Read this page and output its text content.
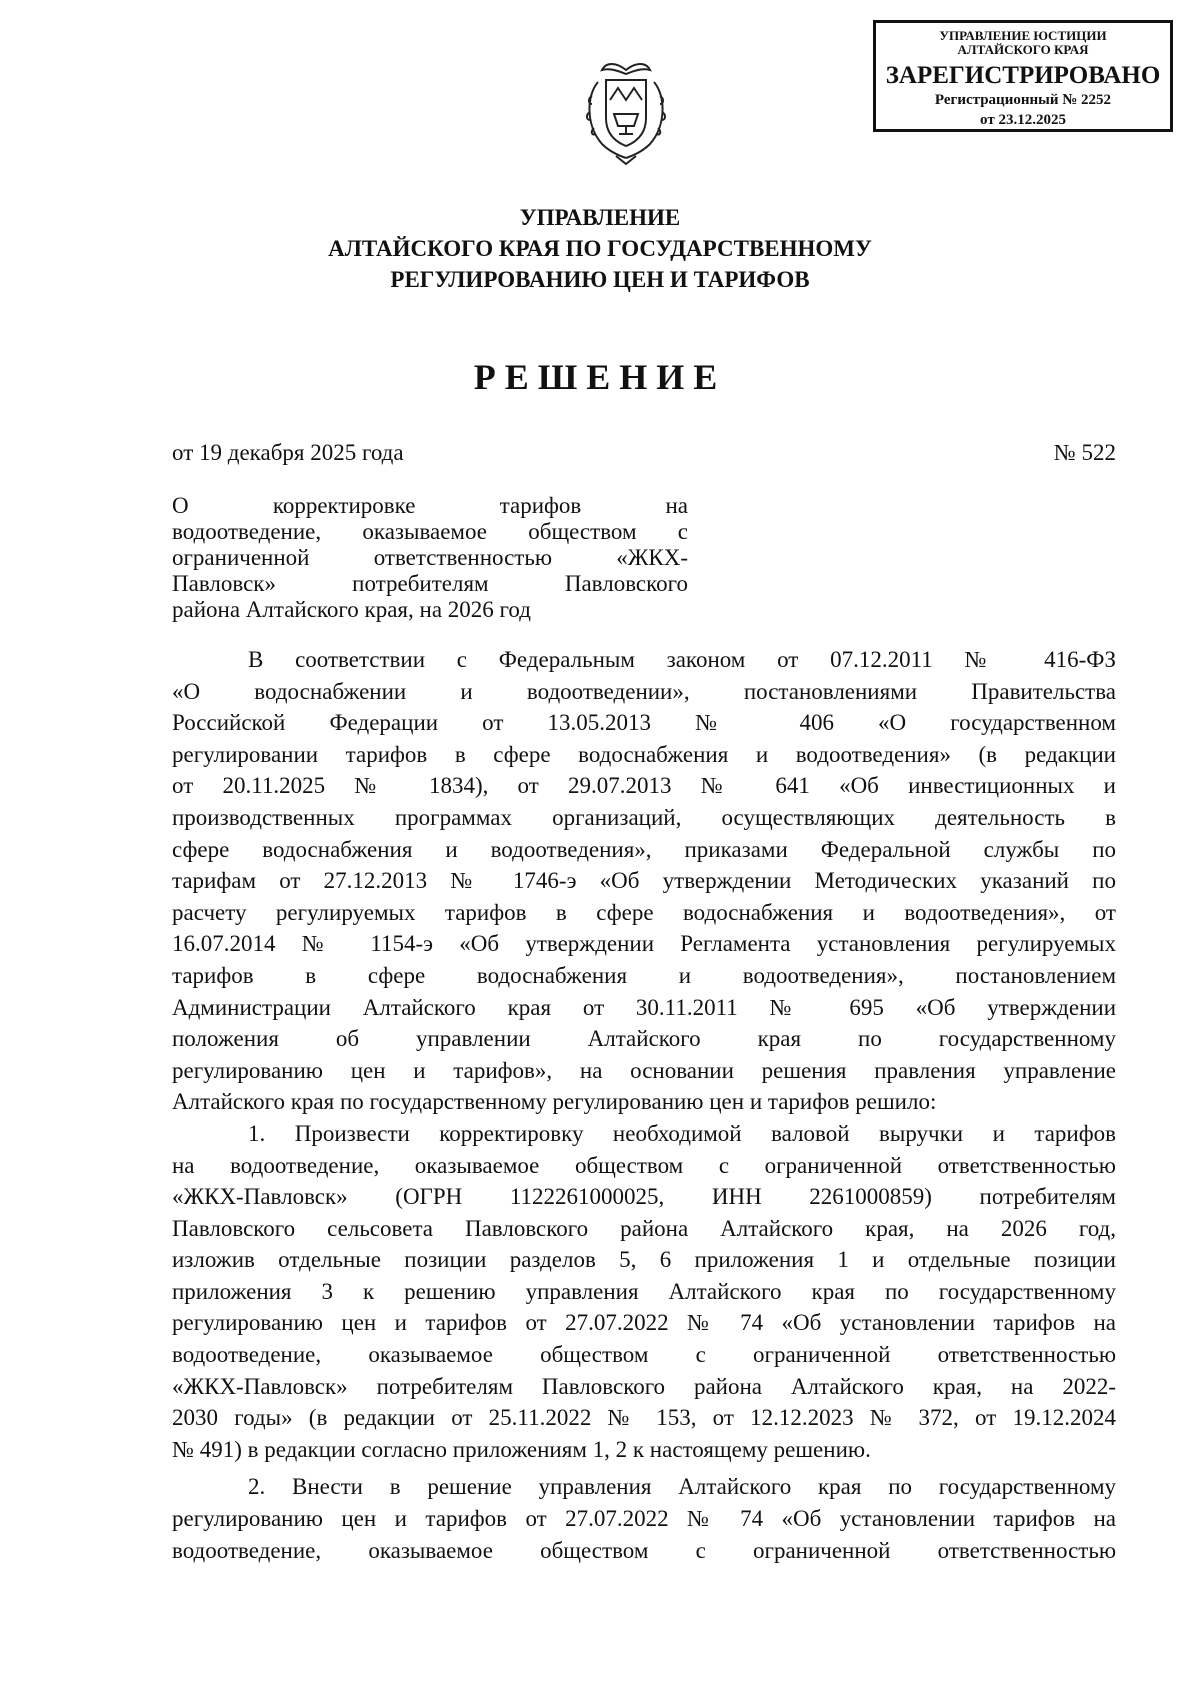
УПРАВЛЕНИЕ ЮСТИЦИИ
АЛТАЙСКОГО КРАЯ
ЗАРЕГИСТРИРОВАНО
Регистрационный № 2252
от 23.12.2025
УПРАВЛЕНИЕ
АЛТАЙСКОГО КРАЯ ПО ГОСУДАРСТВЕННОМУ
РЕГУЛИРОВАНИЮ ЦЕН И ТАРИФОВ
РЕШЕНИЕ
от 19 декабря 2025 года	№ 522
О корректировке тарифов на
водоотведение, оказываемое обществом с
ограниченной ответственностью «ЖКХ-
Павловск» потребителям Павловского
района Алтайского края, на 2026 год
В соответствии с Федеральным законом от 07.12.2011 № 416-ФЗ
«О водоснабжении и водоотведении», постановлениями Правительства
Российской Федерации от 13.05.2013 № 406 «О государственном
регулировании тарифов в сфере водоснабжения и водоотведения» (в редакции
от 20.11.2025 № 1834), от 29.07.2013 № 641 «Об инвестиционных и
производственных программах организаций, осуществляющих деятельность в
сфере водоснабжения и водоотведения», приказами Федеральной службы по
тарифам от 27.12.2013 № 1746-э «Об утверждении Методических указаний по
расчету регулируемых тарифов в сфере водоснабжения и водоотведения», от
16.07.2014 № 1154-э «Об утверждении Регламента установления регулируемых
тарифов в сфере водоснабжения и водоотведения», постановлением
Администрации Алтайского края от 30.11.2011 № 695 «Об утверждении
положения об управлении Алтайского края по государственному
регулированию цен и тарифов», на основании решения правления управление
Алтайского края по государственному регулированию цен и тарифов решило:
1. Произвести корректировку необходимой валовой выручки и тарифов
на водоотведение, оказываемое обществом с ограниченной ответственностью
«ЖКХ-Павловск» (ОГРН 1122261000025, ИНН 2261000859) потребителям
Павловского сельсовета Павловского района Алтайского края, на 2026 год,
изложив отдельные позиции разделов 5, 6 приложения 1 и отдельные позиции
приложения 3 к решению управления Алтайского края по государственному
регулированию цен и тарифов от 27.07.2022 № 74 «Об установлении тарифов на
водоотведение, оказываемое обществом с ограниченной ответственностью
«ЖКХ-Павловск» потребителям Павловского района Алтайского края, на 2022-
2030 годы» (в редакции от 25.11.2022 № 153, от 12.12.2023 № 372, от 19.12.2024
№ 491) в редакции согласно приложениям 1, 2 к настоящему решению.
2. Внести в решение управления Алтайского края по государственному
регулированию цен и тарифов от 27.07.2022 № 74 «Об установлении тарифов на
водоотведение, оказываемое обществом с ограниченной ответственностью
